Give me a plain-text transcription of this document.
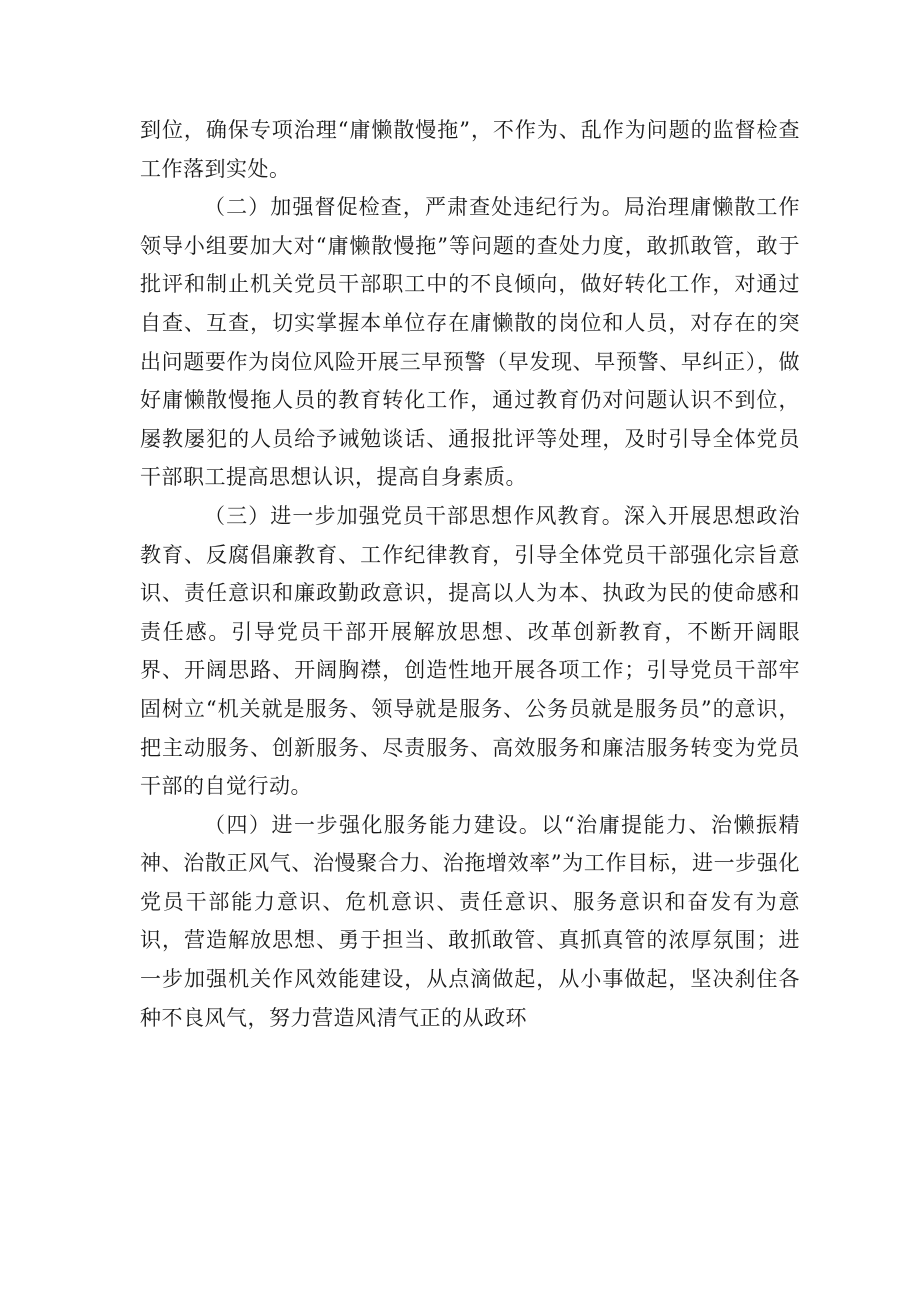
到位，确保专项治理“庸懒散慢拖”，不作为、乱作为问题的监督检查工作落到实处。

（二）加强督促检查，严肃查处违纪行为。局治理庸懒散工作领导小组要加大对“庸懒散慢拖”等问题的查处力度，敢抓敢管，敢于批评和制止机关党员干部职工中的不良倾向，做好转化工作，对通过自查、互查，切实掌握本单位存在庸懒散的岗位和人员，对存在的突出问题要作为岗位风险开展三早预警（早发现、早预警、早纠正），做好庸懒散慢拖人员的教育转化工作，通过教育仍对问题认识不到位，屡教屡犯的人员给予诫勉谈话、通报批评等处理，及时引导全体党员干部职工提高思想认识，提高自身素质。

（三）进一步加强党员干部思想作风教育。深入开展思想政治教育、反腐倡廉教育、工作纪律教育，引导全体党员干部强化宗旨意识、责任意识和廉政勤政意识，提高以人为本、执政为民的使命感和责任感。引导党员干部开展解放思想、改革创新教育，不断开阔眼界、开阔思路、开阔胸襟，创造性地开展各项工作；引导党员干部牢固树立“机关就是服务、领导就是服务、公务员就是服务员”的意识，把主动服务、创新服务、尽责服务、高效服务和廉洁服务转变为党员干部的自觉行动。

（四）进一步强化服务能力建设。以“治庸提能力、治懒振精神、治散正风气、治慢聚合力、治拖增效率”为工作目标，进一步强化党员干部能力意识、危机意识、责任意识、服务意识和奋发有为意识，营造解放思想、勇于担当、敢抓敢管、真抓真管的浓厚氛围；进一步加强机关作风效能建设，从点滴做起，从小事做起，坚决刹住各种不良风气，努力营造风清气正的从政环
